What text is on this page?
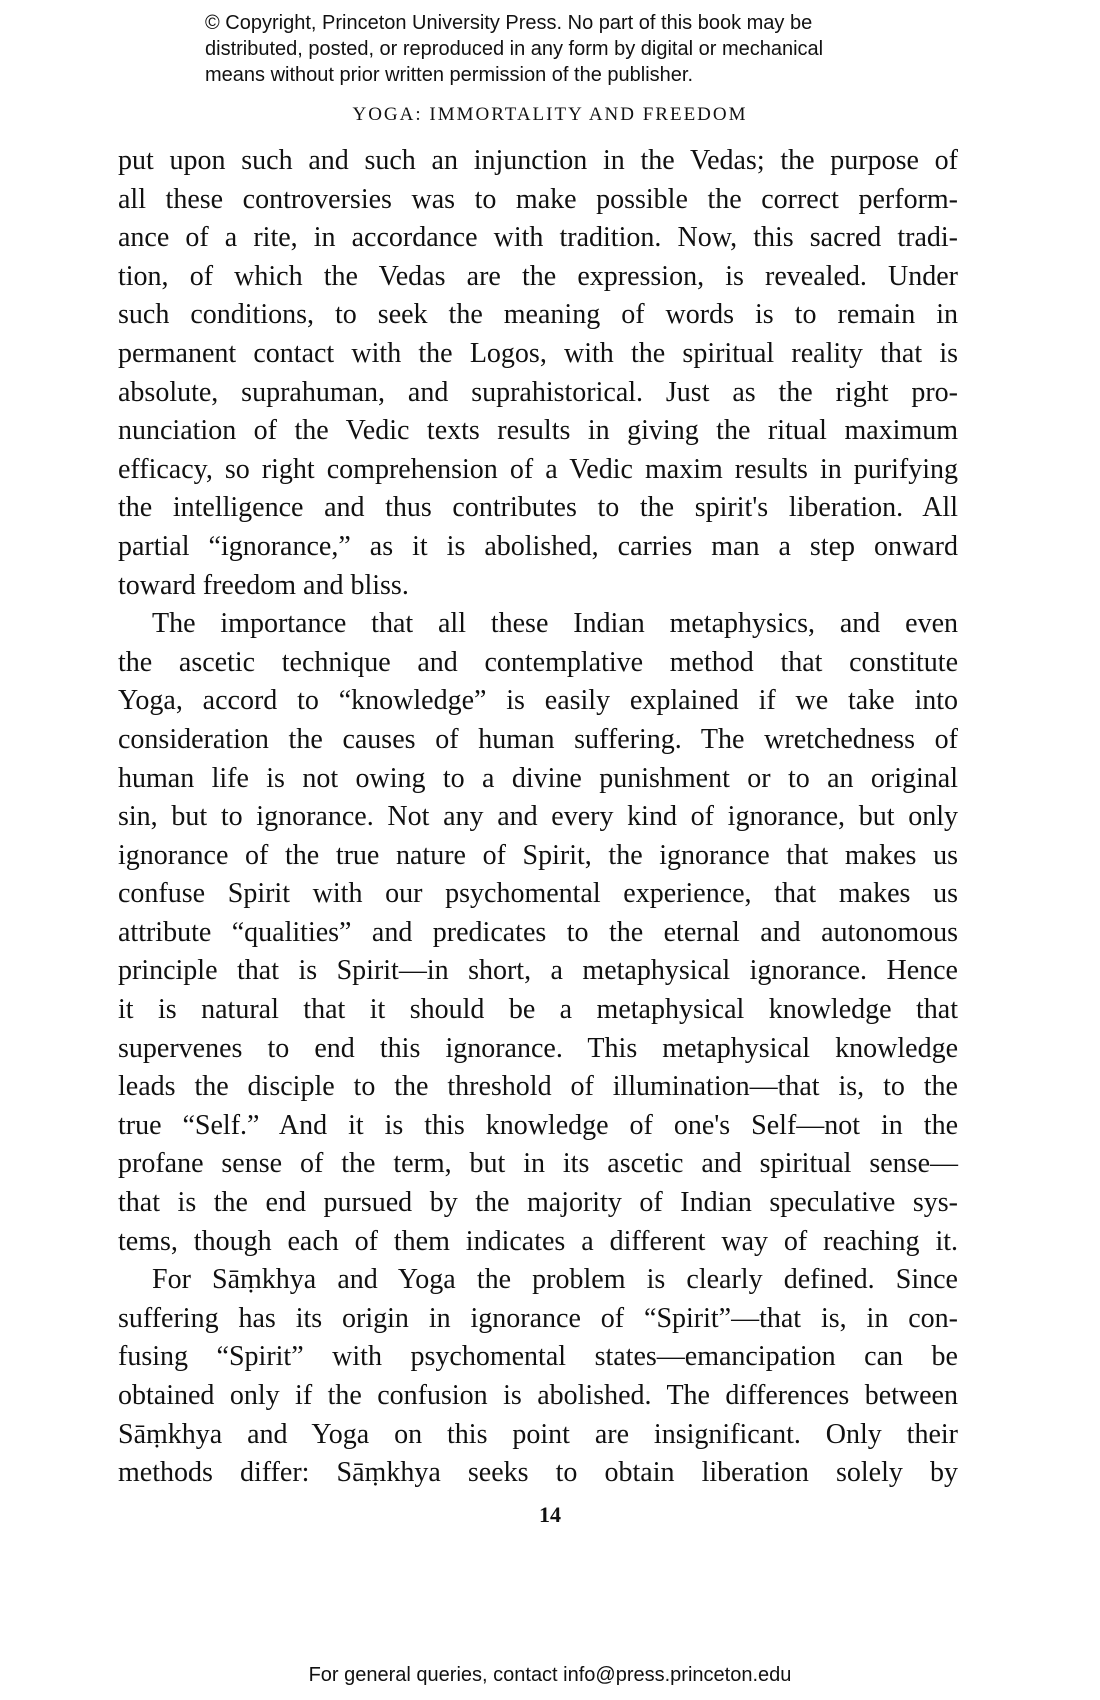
© Copyright, Princeton University Press. No part of this book may be
distributed, posted, or reproduced in any form by digital or mechanical
means without prior written permission of the publisher.
YOGA: IMMORTALITY AND FREEDOM
put upon such and such an injunction in the Vedas; the purpose of
all these controversies was to make possible the correct perform-
ance of a rite, in accordance with tradition. Now, this sacred tradi-
tion, of which the Vedas are the expression, is revealed. Under
such conditions, to seek the meaning of words is to remain in
permanent contact with the Logos, with the spiritual reality that is
absolute, suprahuman, and suprahistorical. Just as the right pro-
nunciation of the Vedic texts results in giving the ritual maximum
efficacy, so right comprehension of a Vedic maxim results in purifying
the intelligence and thus contributes to the spirit's liberation. All
partial “ignorance,” as it is abolished, carries man a step onward
toward freedom and bliss.
The importance that all these Indian metaphysics, and even
the ascetic technique and contemplative method that constitute
Yoga, accord to “knowledge” is easily explained if we take into
consideration the causes of human suffering. The wretchedness of
human life is not owing to a divine punishment or to an original
sin, but to ignorance. Not any and every kind of ignorance, but only
ignorance of the true nature of Spirit, the ignorance that makes us
confuse Spirit with our psychomental experience, that makes us
attribute “qualities” and predicates to the eternal and autonomous
principle that is Spirit—in short, a metaphysical ignorance. Hence
it is natural that it should be a metaphysical knowledge that
supervenes to end this ignorance. This metaphysical knowledge
leads the disciple to the threshold of illumination—that is, to the
true “Self.” And it is this knowledge of one's Self—not in the
profane sense of the term, but in its ascetic and spiritual sense—
that is the end pursued by the majority of Indian speculative sys-
tems, though each of them indicates a different way of reaching it.
For Sāṃkhya and Yoga the problem is clearly defined. Since
suffering has its origin in ignorance of “Spirit”—that is, in con-
fusing “Spirit” with psychomental states—emancipation can be
obtained only if the confusion is abolished. The differences between
Sāṃkhya and Yoga on this point are insignificant. Only their
methods differ: Sāṃkhya seeks to obtain liberation solely by
14
For general queries, contact info@press.princeton.edu
